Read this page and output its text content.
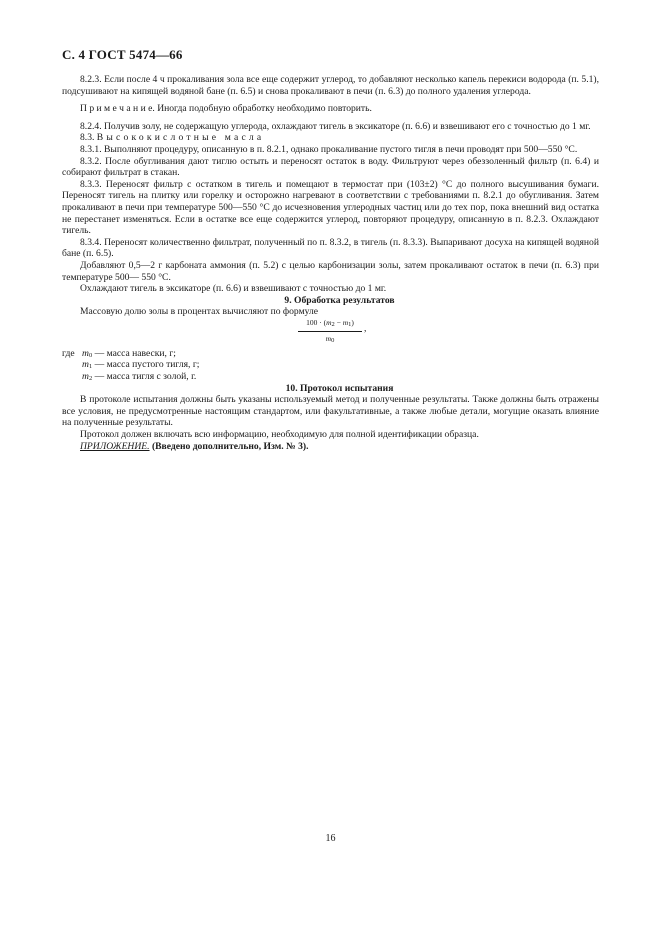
С. 4 ГОСТ 5474—66

8.2.3. Если после 4 ч прокаливания зола все еще содержит углерод, то добавляют несколько капель перекиси водорода (п. 5.1), подсушивают на кипящей водяной бане (п. 6.5) и снова прокаливают в печи (п. 6.3) до полного удаления углерода.

П р и м е ч а н и е. Иногда подобную обработку необходимо повторить.

8.2.4. Получив золу, не содержащую углерода, охлаждают тигель в эксикаторе (п. 6.6) и взвешивают его с точностью до 1 мг.

8.3. Высококислотные масла

8.3.1. Выполняют процедуру, описанную в п. 8.2.1, однако прокаливание пустого тигля в печи проводят при 500—550 °С.

8.3.2. После обугливания дают тиглю остыть и переносят остаток в воду. Фильтруют через обеззоленный фильтр (п. 6.4) и собирают фильтрат в стакан.

8.3.3. Переносят фильтр с остатком в тигель и помещают в термостат при (103±2) °С до полного высушивания бумаги. Переносят тигель на плитку или горелку и осторожно нагревают в соответствии с требованиями п. 8.2.1 до обугливания. Затем прокаливают в печи при температуре 500—550 °С до исчезновения углеродных частиц или до тех пор, пока внешний вид остатка не перестанет изменяться. Если в остатке все еще содержится углерод, повторяют процедуру, описанную в п. 8.2.3. Охлаждают тигель.

8.3.4. Переносят количественно фильтрат, полученный по п. 8.3.2, в тигель (п. 8.3.3). Выпаривают досуха на кипящей водяной бане (п. 6.5).

Добавляют 0,5—2 г карбоната аммония (п. 5.2) с целью карбонизации золы, затем прокаливают остаток в печи (п. 6.3) при температуре 500— 550 °С.

Охлаждают тигель в эксикаторе (п. 6.6) и взвешивают с точностью до 1 мг.

9. Обработка результатов

Массовую долю золы в процентах вычисляют по формуле

$100 \cdot (m_2 - m_1)$
$m_0$
,
где $m_0$ — масса навески, г;
$m_1$ — масса пустого тигля, г;
$m_2$ — масса тигля с золой, г.

10. Протокол испытания

В протоколе испытания должны быть указаны используемый метод и полученные результаты. Также должны быть отражены все условия, не предусмотренные настоящим стандартом, или факультативные, а также любые детали, могущие оказать влияние на полученные результаты.

Протокол должен включать всю информацию, необходимую для полной идентификации образца.

ПРИЛОЖЕНИЕ. (Введено дополнительно, Изм. № 3).

16
